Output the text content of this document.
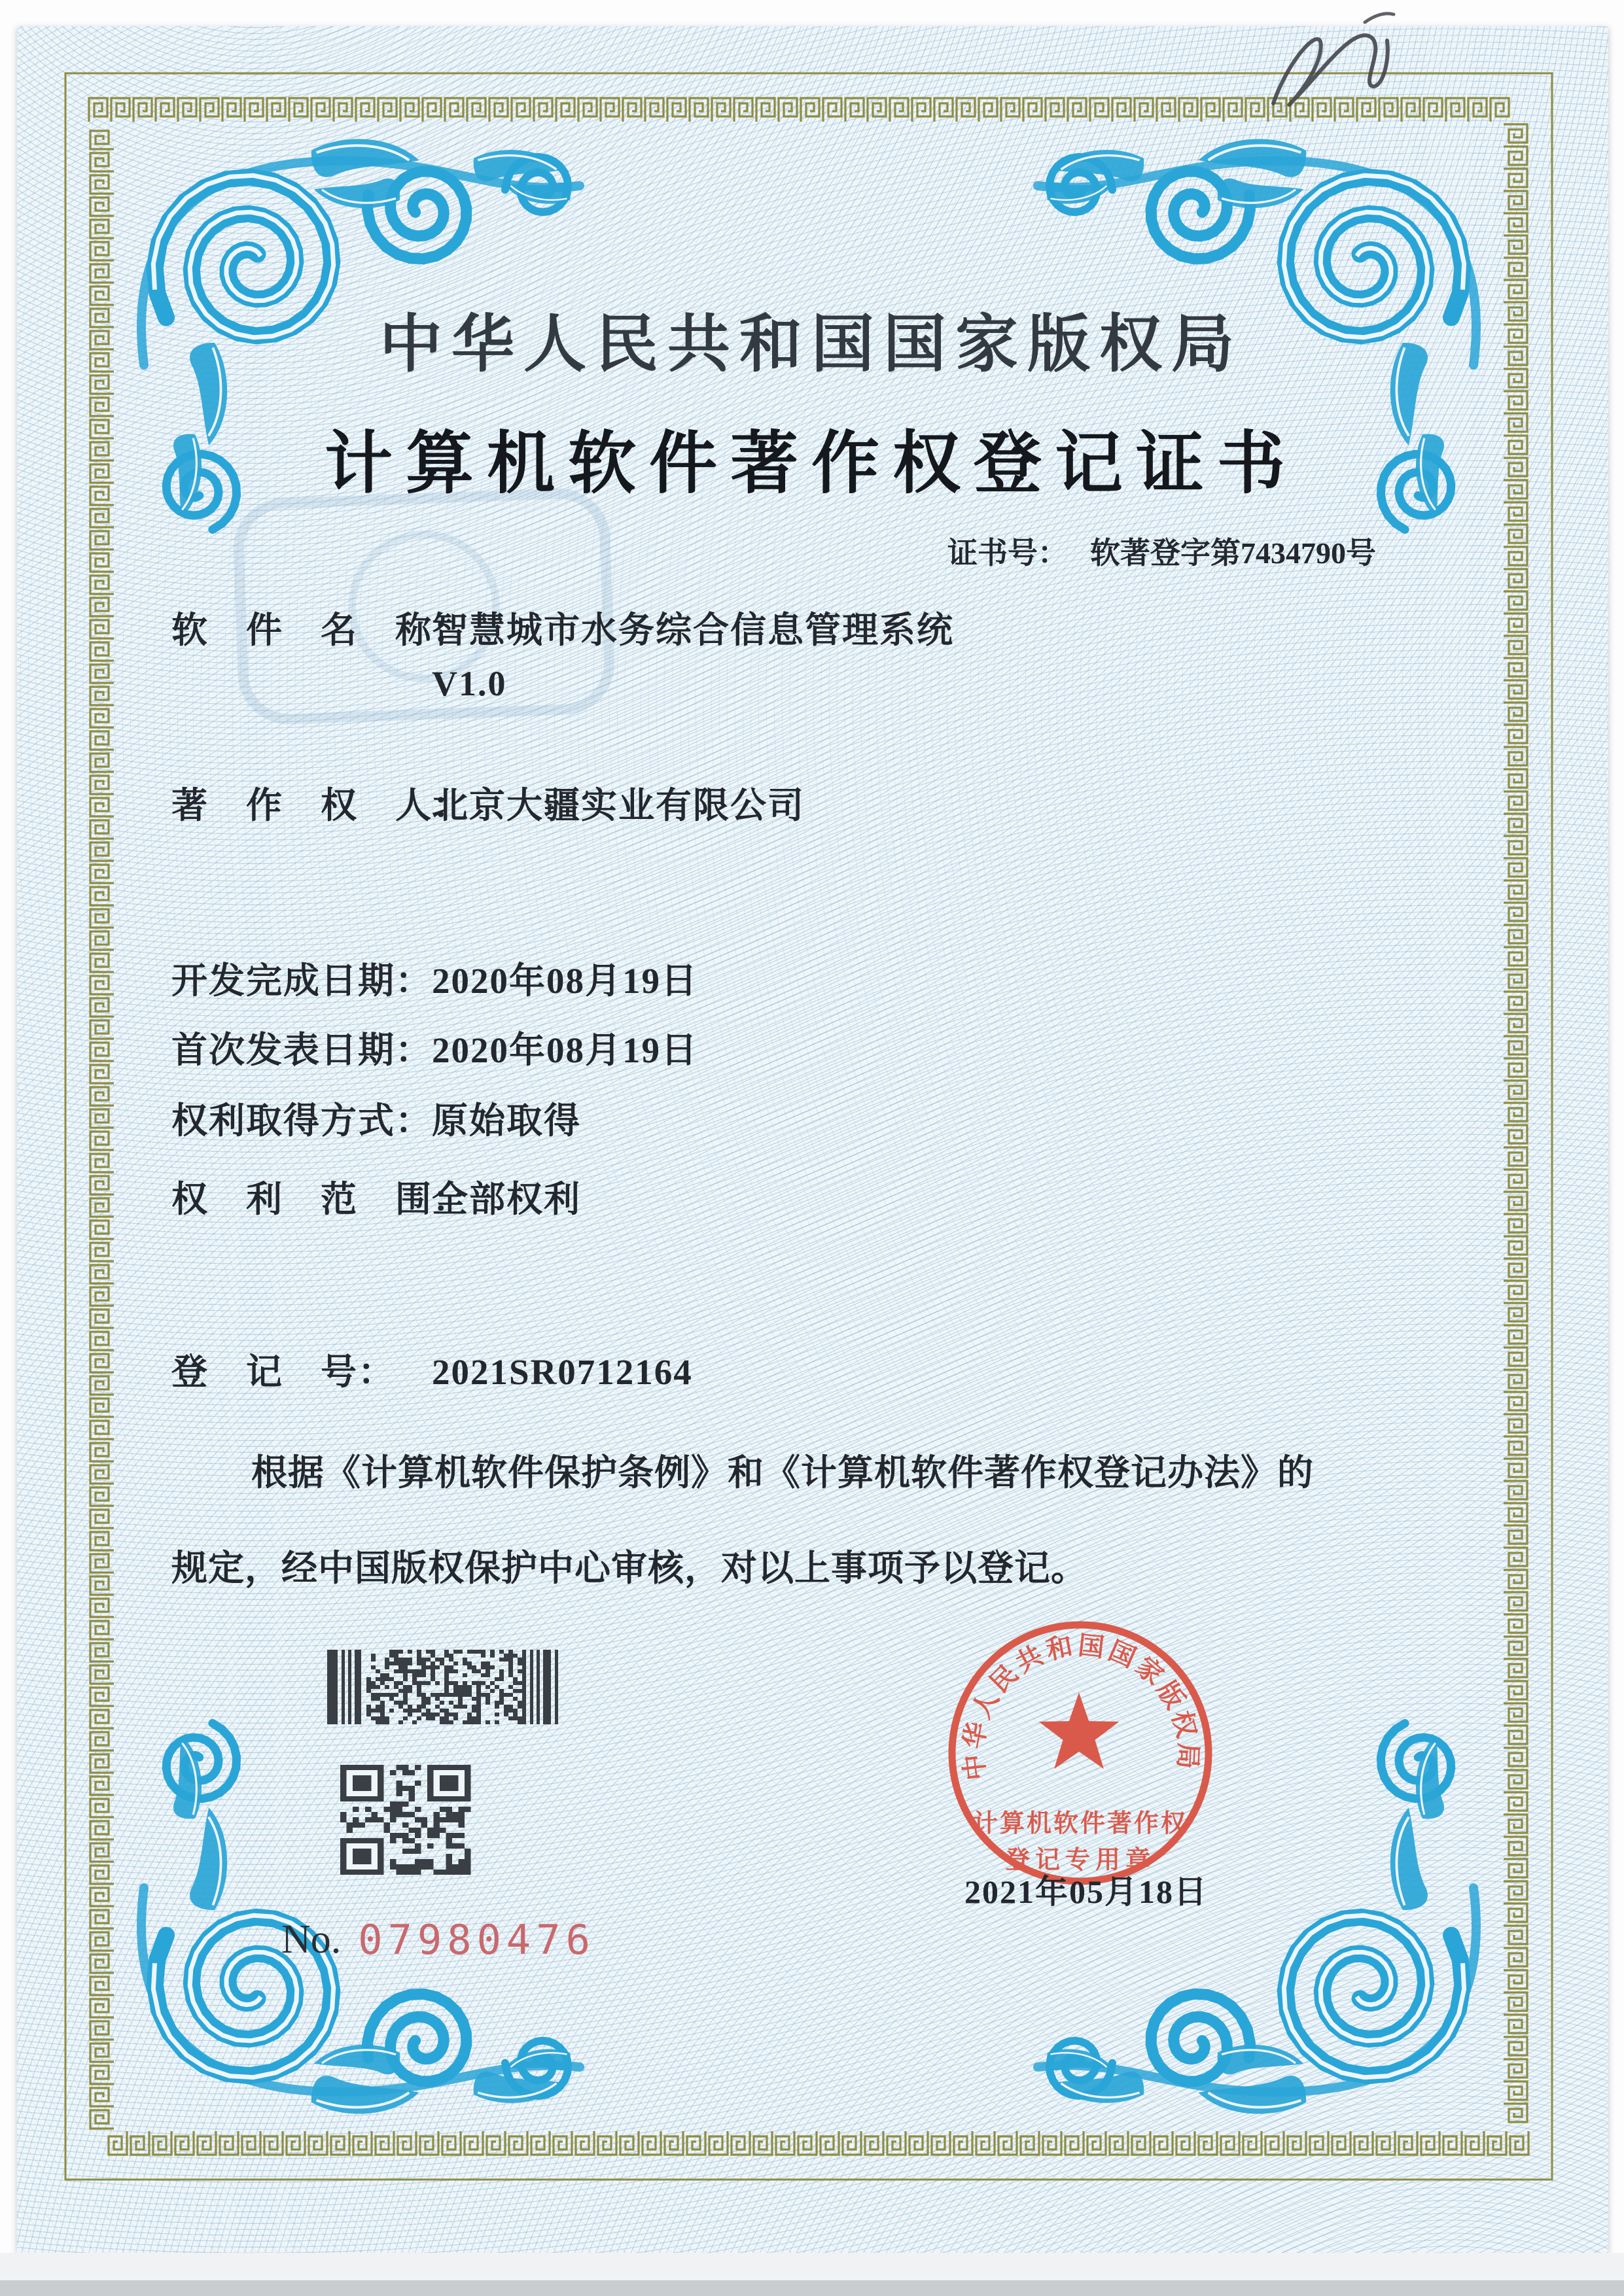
中华人民共和国国家版权局
计算机软件著作权
登记专用章
中华人民共和国国家版权局
计算机软件著作权登记证书
证书号： 软著登字第7434790号
软　件　名　称：
智慧城市水务综合信息管理系统
V1.0
著　作　权　人：
北京大疆实业有限公司
开发完成日期：
2020年08月19日
首次发表日期：
2020年08月19日
权利取得方式：
原始取得
权　利　范　围：
全部权利
登　记　号：	2021SR0712164
根据《计算机软件保护条例》和《计算机软件著作权登记办法》的
规定，经中国版权保护中心审核，对以上事项予以登记。
No. 07980476
2021年05月18日
